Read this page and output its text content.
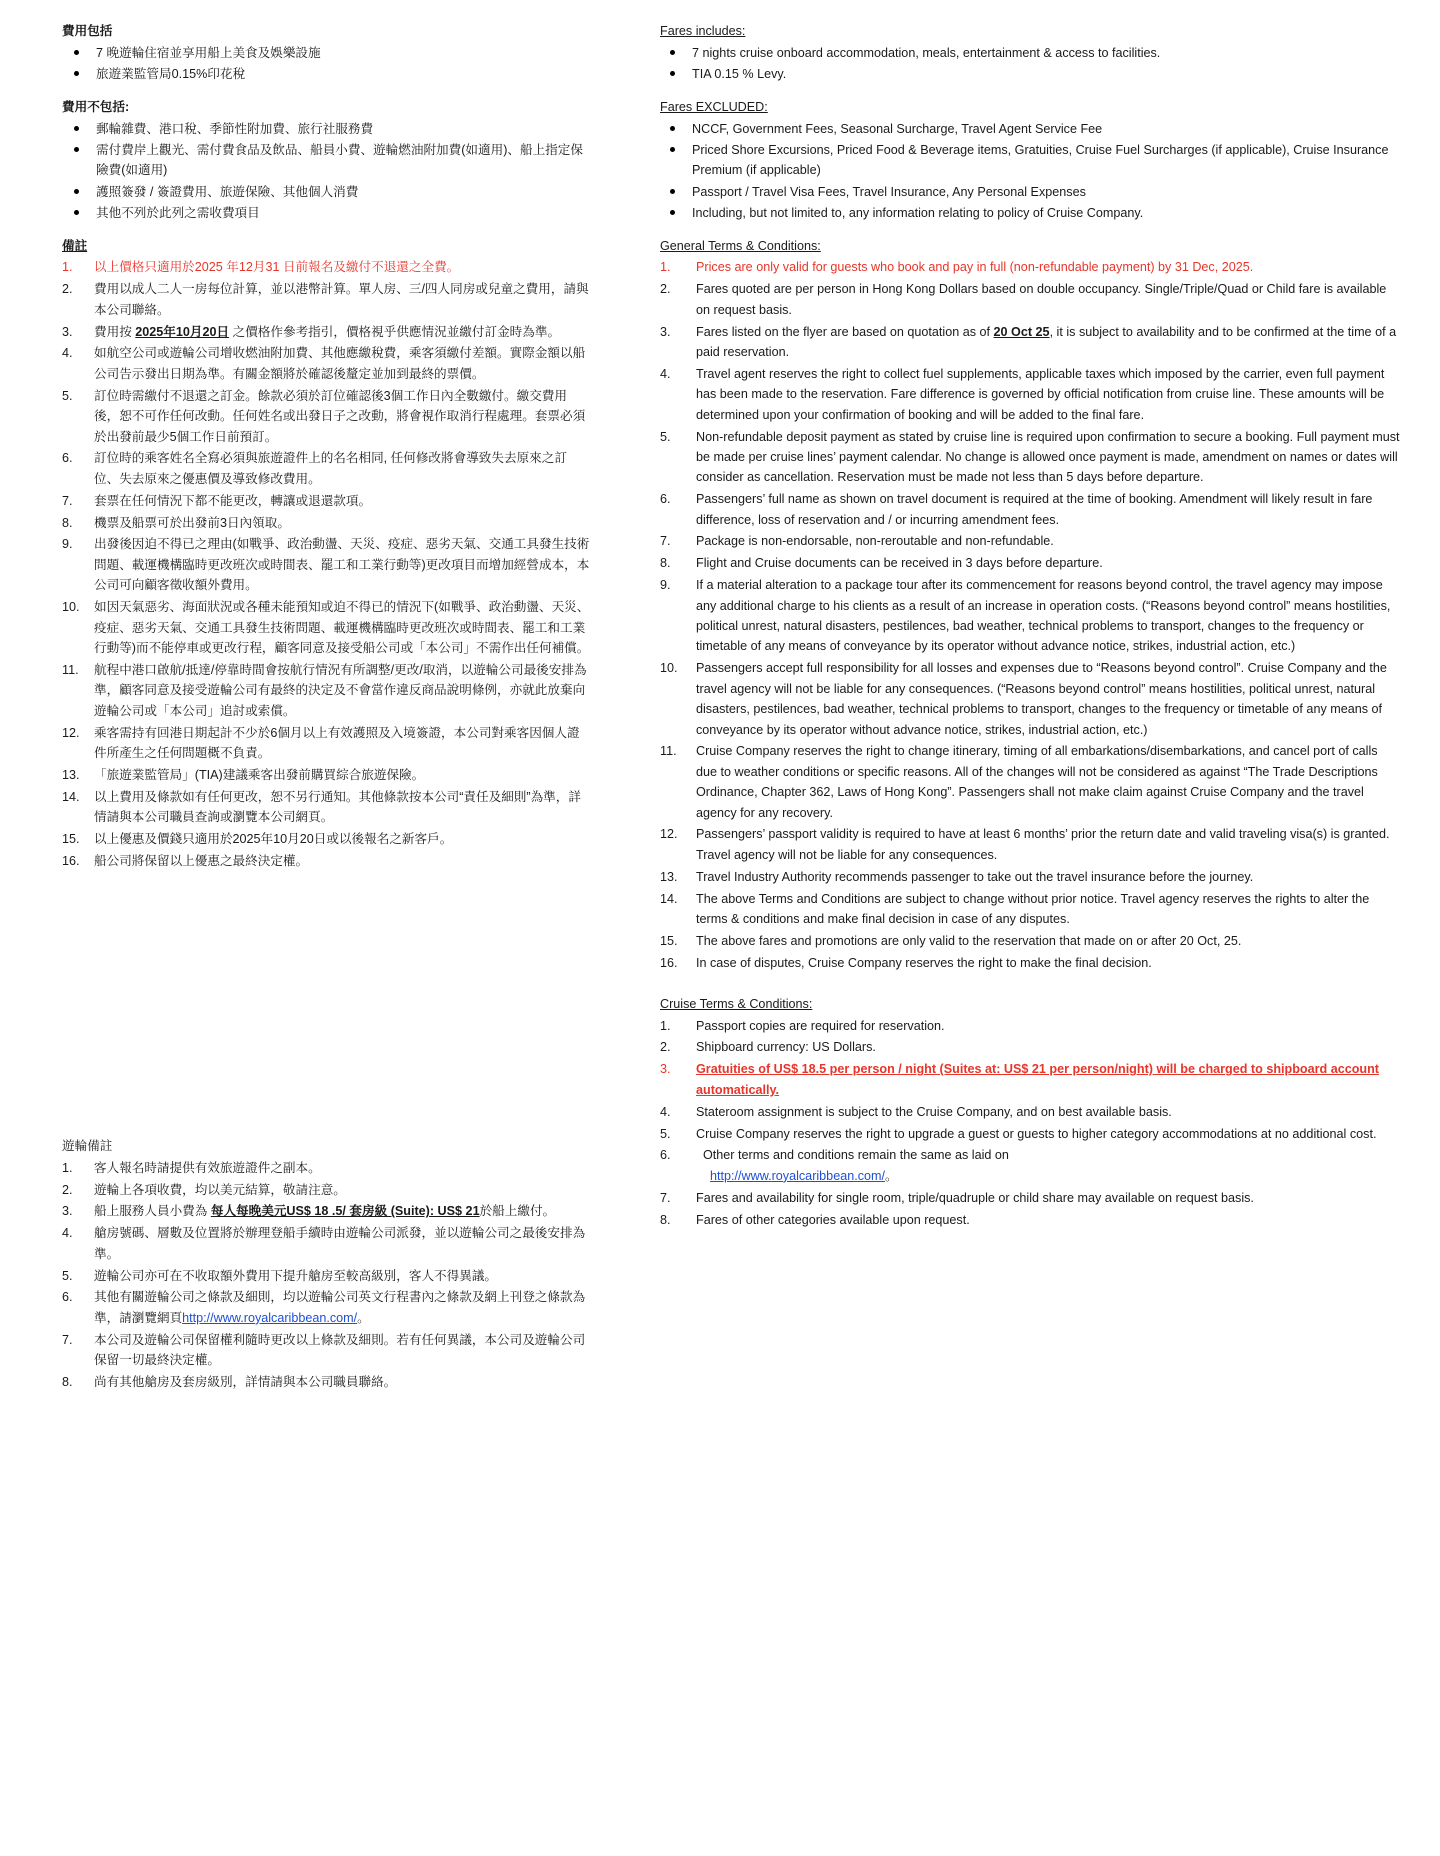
費用包括
7 晚遊輪住宿並享用船上美食及娛樂設施
旅遊業監管局0.15%印花稅
費用不包括:
郵輪雜費、港口稅、季節性附加費、旅行社服務費
需付費岸上觀光、需付費食品及飲品、船員小費、遊輪燃油附加費(如適用)、船上指定保險費(如適用)
護照簽發 / 簽證費用、旅遊保險、其他個人消費
其他不列於此列之需收費項目
備註
1.	以上價格只適用於2025 年12月31 日前報名及繳付不退還之全費。
2.	費用以成人二人一房每位計算，並以港幣計算。單人房、三/四人同房或兒童之費用，請與本公司聯絡。
3.	費用按 2025年10月20日 之價格作參考指引，價格視乎供應情況並繳付訂金時為準。
4.	如航空公司或遊輪公司增收燃油附加費、其他應繳稅費，乘客須繳付差額。實際金額以船公司告示發出日期為準。有關金額將於確認後釐定並加到最終的票價。
5.	訂位時需繳付不退還之訂金。餘款必須於訂位確認後3個工作日內全數繳付。繳交費用後，恕不可作任何改動。任何姓名或出發日子之改動，將會視作取消行程處理。套票必須於出發前最少5個工作日前預訂。
6.	訂位時的乘客姓名全寫必須與旅遊證件上的名名相同, 任何修改將會導致失去原來之訂位、失去原來之優惠價及導致修改費用。
7.	套票在任何情況下都不能更改，轉讓或退還款項。
8.	機票及船票可於出發前3日內領取。
9.	出發後因迫不得已之理由(如戰爭、政治動盪、天災、疫症、惡劣天氣、交通工具發生技術問題、載運機構臨時更改班次或時間表、罷工和工業行動等)更改項目而增加經營成本，本公司可向顧客徵收額外費用。
10.	如因天氣惡劣、海面狀況或各種未能預知或迫不得已的情況下(如戰爭、政治動盪、天災、疫症、惡劣天氣、交通工具發生技術問題、載運機構臨時更改班次或時間表、罷工和工業行動等)而不能停車或更改行程，顧客同意及接受船公司或「本公司」不需作出任何補償。
11.	航程中港口啟航/抵達/停靠時間會按航行情況有所調整/更改/取消，以遊輪公司最後安排為準，顧客同意及接受遊輪公司有最終的決定及不會當作違反商品說明條例，亦就此放棄向遊輪公司或「本公司」追討或索償。
12.	乘客需持有回港日期起計不少於6個月以上有效護照及入境簽證，本公司對乘客因個人證件所產生之任何問題概不負責。
13.	「旅遊業監管局」(TIA)建議乘客出發前購買綜合旅遊保險。
14.	以上費用及條款如有任何更改，恕不另行通知。其他條款按本公司“責任及細則”為準，詳情請與本公司職員查詢或瀏覽本公司網頁。
15.	以上優惠及價錢只適用於2025年10月20日或以後報名之新客戶。
16.	船公司將保留以上優惠之最終決定權。
遊輪備註
1.	客人報名時請提供有效旅遊證件之副本。
2.	遊輪上各項收費，均以美元結算，敬請注意。
3.	船上服務人員小費為 每人每晚美元US$ 18 .5/ 套房級 (Suite): US$ 21於船上繳付。
4.	艙房號碼、層數及位置將於辦理登船手續時由遊輪公司派發，並以遊輪公司之最後安排為準。
5.	遊輪公司亦可在不收取額外費用下提升艙房至較高級別，客人不得異議。
6.	其他有關遊輪公司之條款及細則，均以遊輪公司英文行程書內之條款及網上刊登之條款為準，請瀏覽網頁http://www.royalcaribbean.com/。
7.	本公司及遊輪公司保留權利隨時更改以上條款及細則。若有任何異議，本公司及遊輪公司保留一切最終決定權。
8.	尚有其他艙房及套房級別，詳情請與本公司職員聯絡。
Fares includes:
7 nights cruise onboard accommodation, meals, entertainment & access to facilities.
TIA 0.15 % Levy.
Fares EXCLUDED:
NCCF, Government Fees, Seasonal Surcharge, Travel Agent Service Fee
Priced Shore Excursions, Priced Food & Beverage items, Gratuities, Cruise Fuel Surcharges (if applicable), Cruise Insurance Premium (if applicable)
Passport / Travel Visa Fees, Travel Insurance, Any Personal Expenses
Including, but not limited to, any information relating to policy of Cruise Company.
General Terms & Conditions:
1.	Prices are only valid for guests who book and pay in full (non-refundable payment) by 31 Dec, 2025.
2.	Fares quoted are per person in Hong Kong Dollars based on double occupancy. Single/Triple/Quad or Child fare is available on request basis.
3.	Fares listed on the flyer are based on quotation as of 20 Oct 25, it is subject to availability and to be confirmed at the time of a paid reservation.
4.	Travel agent reserves the right to collect fuel supplements, applicable taxes which imposed by the carrier, even full payment has been made to the reservation. Fare difference is governed by official notification from cruise line. These amounts will be determined upon your confirmation of booking and will be added to the final fare.
5.	Non-refundable deposit payment as stated by cruise line is required upon confirmation to secure a booking. Full payment must be made per cruise lines’ payment calendar. No change is allowed once payment is made, amendment on names or dates will consider as cancellation. Reservation must be made not less than 5 days before departure.
6.	Passengers’ full name as shown on travel document is required at the time of booking. Amendment will likely result in fare difference, loss of reservation and / or incurring amendment fees.
7.	Package is non-endorsable, non-reroutable and non-refundable.
8.	Flight and Cruise documents can be received in 3 days before departure.
9.	If a material alteration to a package tour after its commencement for reasons beyond control, the travel agency may impose any additional charge to his clients as a result of an increase in operation costs. (“Reasons beyond control” means hostilities, political unrest, natural disasters, pestilences, bad weather, technical problems to transport, changes to the frequency or timetable of any means of conveyance by its operator without advance notice, strikes, industrial action, etc.)
10.	Passengers accept full responsibility for all losses and expenses due to “Reasons beyond control”. Cruise Company and the travel agency will not be liable for any consequences. (“Reasons beyond control” means hostilities, political unrest, natural disasters, pestilences, bad weather, technical problems to transport, changes to the frequency or timetable of any means of conveyance by its operator without advance notice, strikes, industrial action, etc.)
11.	Cruise Company reserves the right to change itinerary, timing of all embarkations/disembarkations, and cancel port of calls due to weather conditions or specific reasons. All of the changes will not be considered as against “The Trade Descriptions Ordinance, Chapter 362, Laws of Hong Kong”. Passengers shall not make claim against Cruise Company and the travel agency for any recovery.
12.	Passengers’ passport validity is required to have at least 6 months’ prior the return date and valid traveling visa(s) is granted. Travel agency will not be liable for any consequences.
13.	Travel Industry Authority recommends passenger to take out the travel insurance before the journey.
14.	The above Terms and Conditions are subject to change without prior notice. Travel agency reserves the rights to alter the terms & conditions and make final decision in case of any disputes.
15.	The above fares and promotions are only valid to the reservation that made on or after 20 Oct, 25.
16.	In case of disputes, Cruise Company reserves the right to make the final decision.
Cruise Terms & Conditions:
1.	Passport copies are required for reservation.
2.	Shipboard currency: US Dollars.
3.	Gratuities of US$ 18.5 per person / night (Suites at: US$ 21 per person/night) will be charged to shipboard account automatically.
4.	Stateroom assignment is subject to the Cruise Company, and on best available basis.
5.	Cruise Company reserves the right to upgrade a guest or guests to higher category accommodations at no additional cost.
6.	Other terms and conditions remain the same as laid on
http://www.royalcaribbean.com/。
7.	Fares and availability for single room, triple/quadruple or child share may available on request basis.
8.	Fares of other categories available upon request.
